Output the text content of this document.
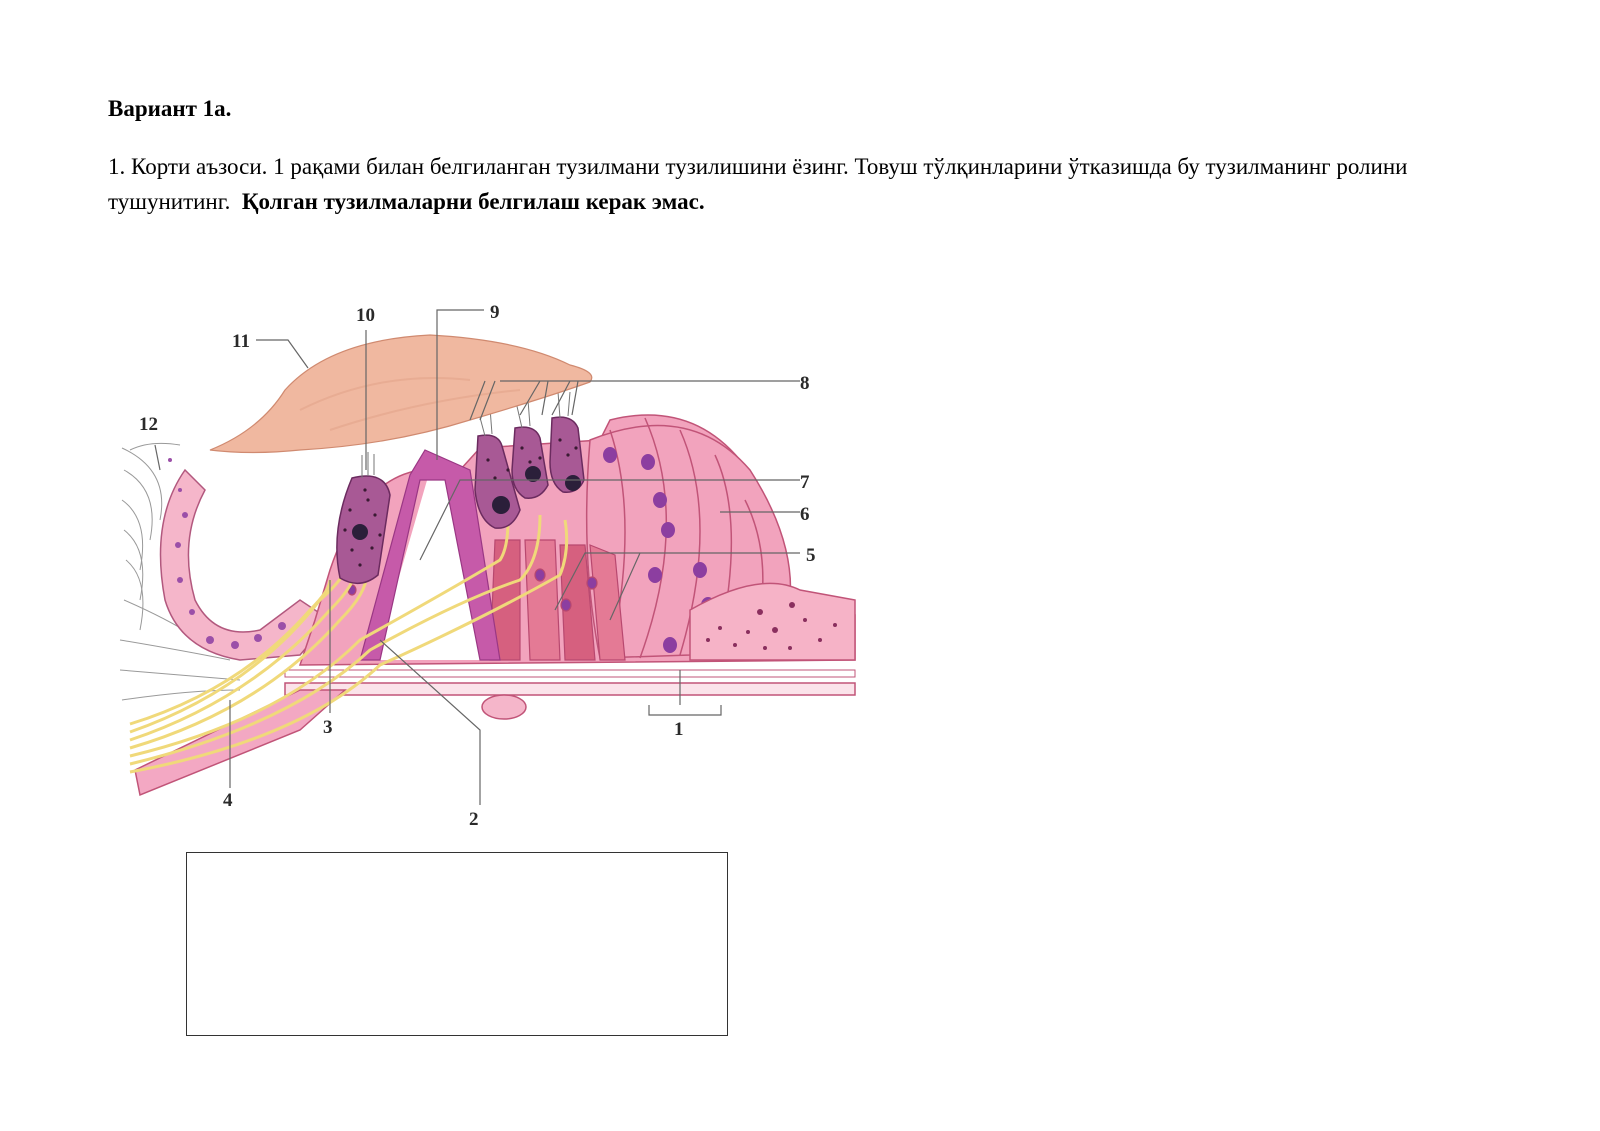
Вариант 1а.

1. Корти аъзоси. 1 рақами билан белгиланган тузилмани тузилишини ёзинг. Товуш тўлқинларини ўтказишда бу тузилманинг ролини тушунитинг. Қолган тузилмаларни белгилаш керак эмас.

1
2
3
4
5
6
7
8
9
10
11
12
